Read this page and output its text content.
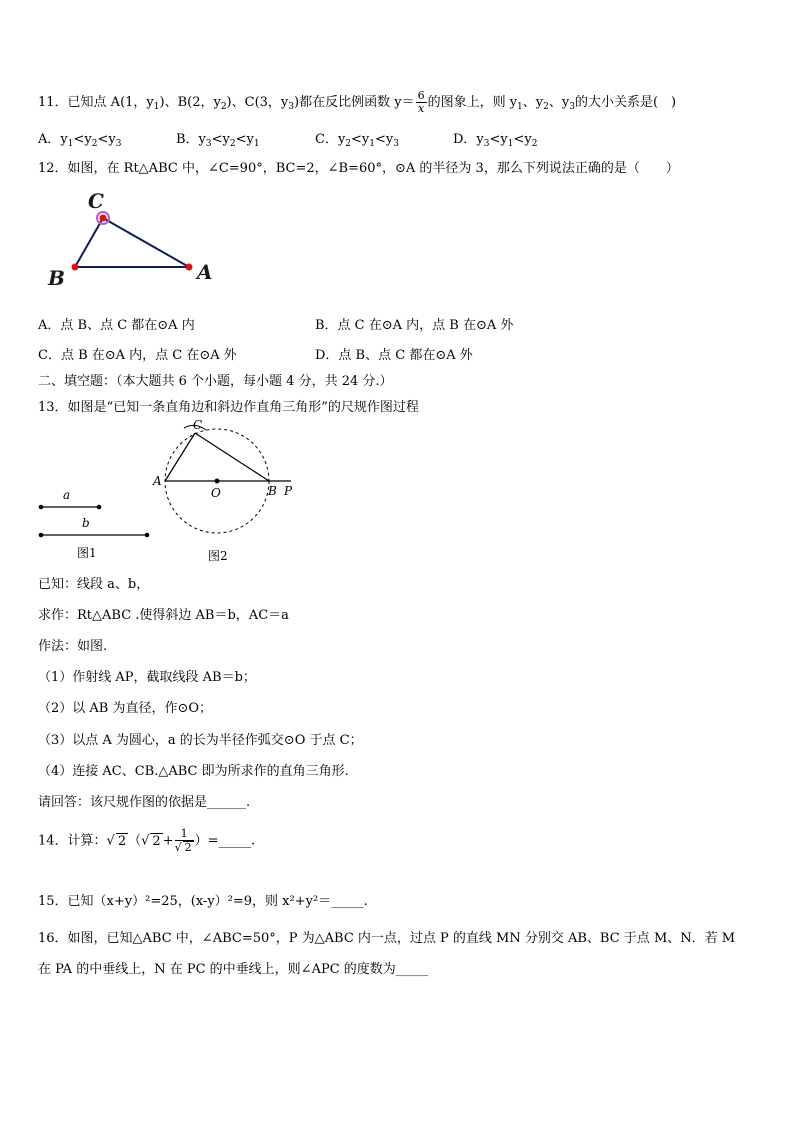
11．已知点 A(1，$y_1$)、B(2，$y_2$)、C(3，$y_3$)都在反比例函数 $y= \frac{6}{x}$ 的图象上，则 $y_1$、$y_2$、$y_3$的大小关系是(　)
A．$y_1<y_2<y_3$	B．$y_3<y_2<y_1$	C．$y_2<y_1<y_3$	D．$y_3<y_1<y_2$
12．如图，在 Rt△ABC 中，∠C=90°，BC=2，∠B=60°，⊙A 的半径为 3，那么下列说法正确的是（　　）
C
B	A
A．点 B、点 C 都在⊙A 内	B．点 C 在⊙A 内，点 B 在⊙A 外
C．点 B 在⊙A 内，点 C 在⊙A 外	D．点 B、点 C 都在⊙A 外
二、填空题：（本大题共 6 个小题，每小题 4 分，共 24 分.）
13．如图是“已知一条直角边和斜边作直角三角形”的尺规作图过程
a
b
图1
C
A
O	B P
图2
已知：线段 a、b，
求作：Rt△ABC .使得斜边 AB＝b，AC＝a
作法：如图.
（1）作射线 AP，截取线段 AB＝b；
（2）以 AB 为直径，作⊙O；
（3）以点 A 为圆心，a 的长为半径作弧交⊙O 于点 C；
（4）连接 AC、CB.△ABC 即为所求作的直角三角形.
请回答：该尺规作图的依据是______.
14．计算：√ 2 （√ $2 + \frac{1}{√ 2}$ ）=_____.
15．已知（x+y）²=25，(x-y）²=9，则 x²+y²＝_____.
16．如图，已知△ABC 中，∠ABC=50°，P 为△ABC 内一点，过点 P 的直线 MN 分别交 AB、BC 于点 M、N．若 M
在 PA 的中垂线上，N 在 PC 的中垂线上，则∠APC 的度数为_____
